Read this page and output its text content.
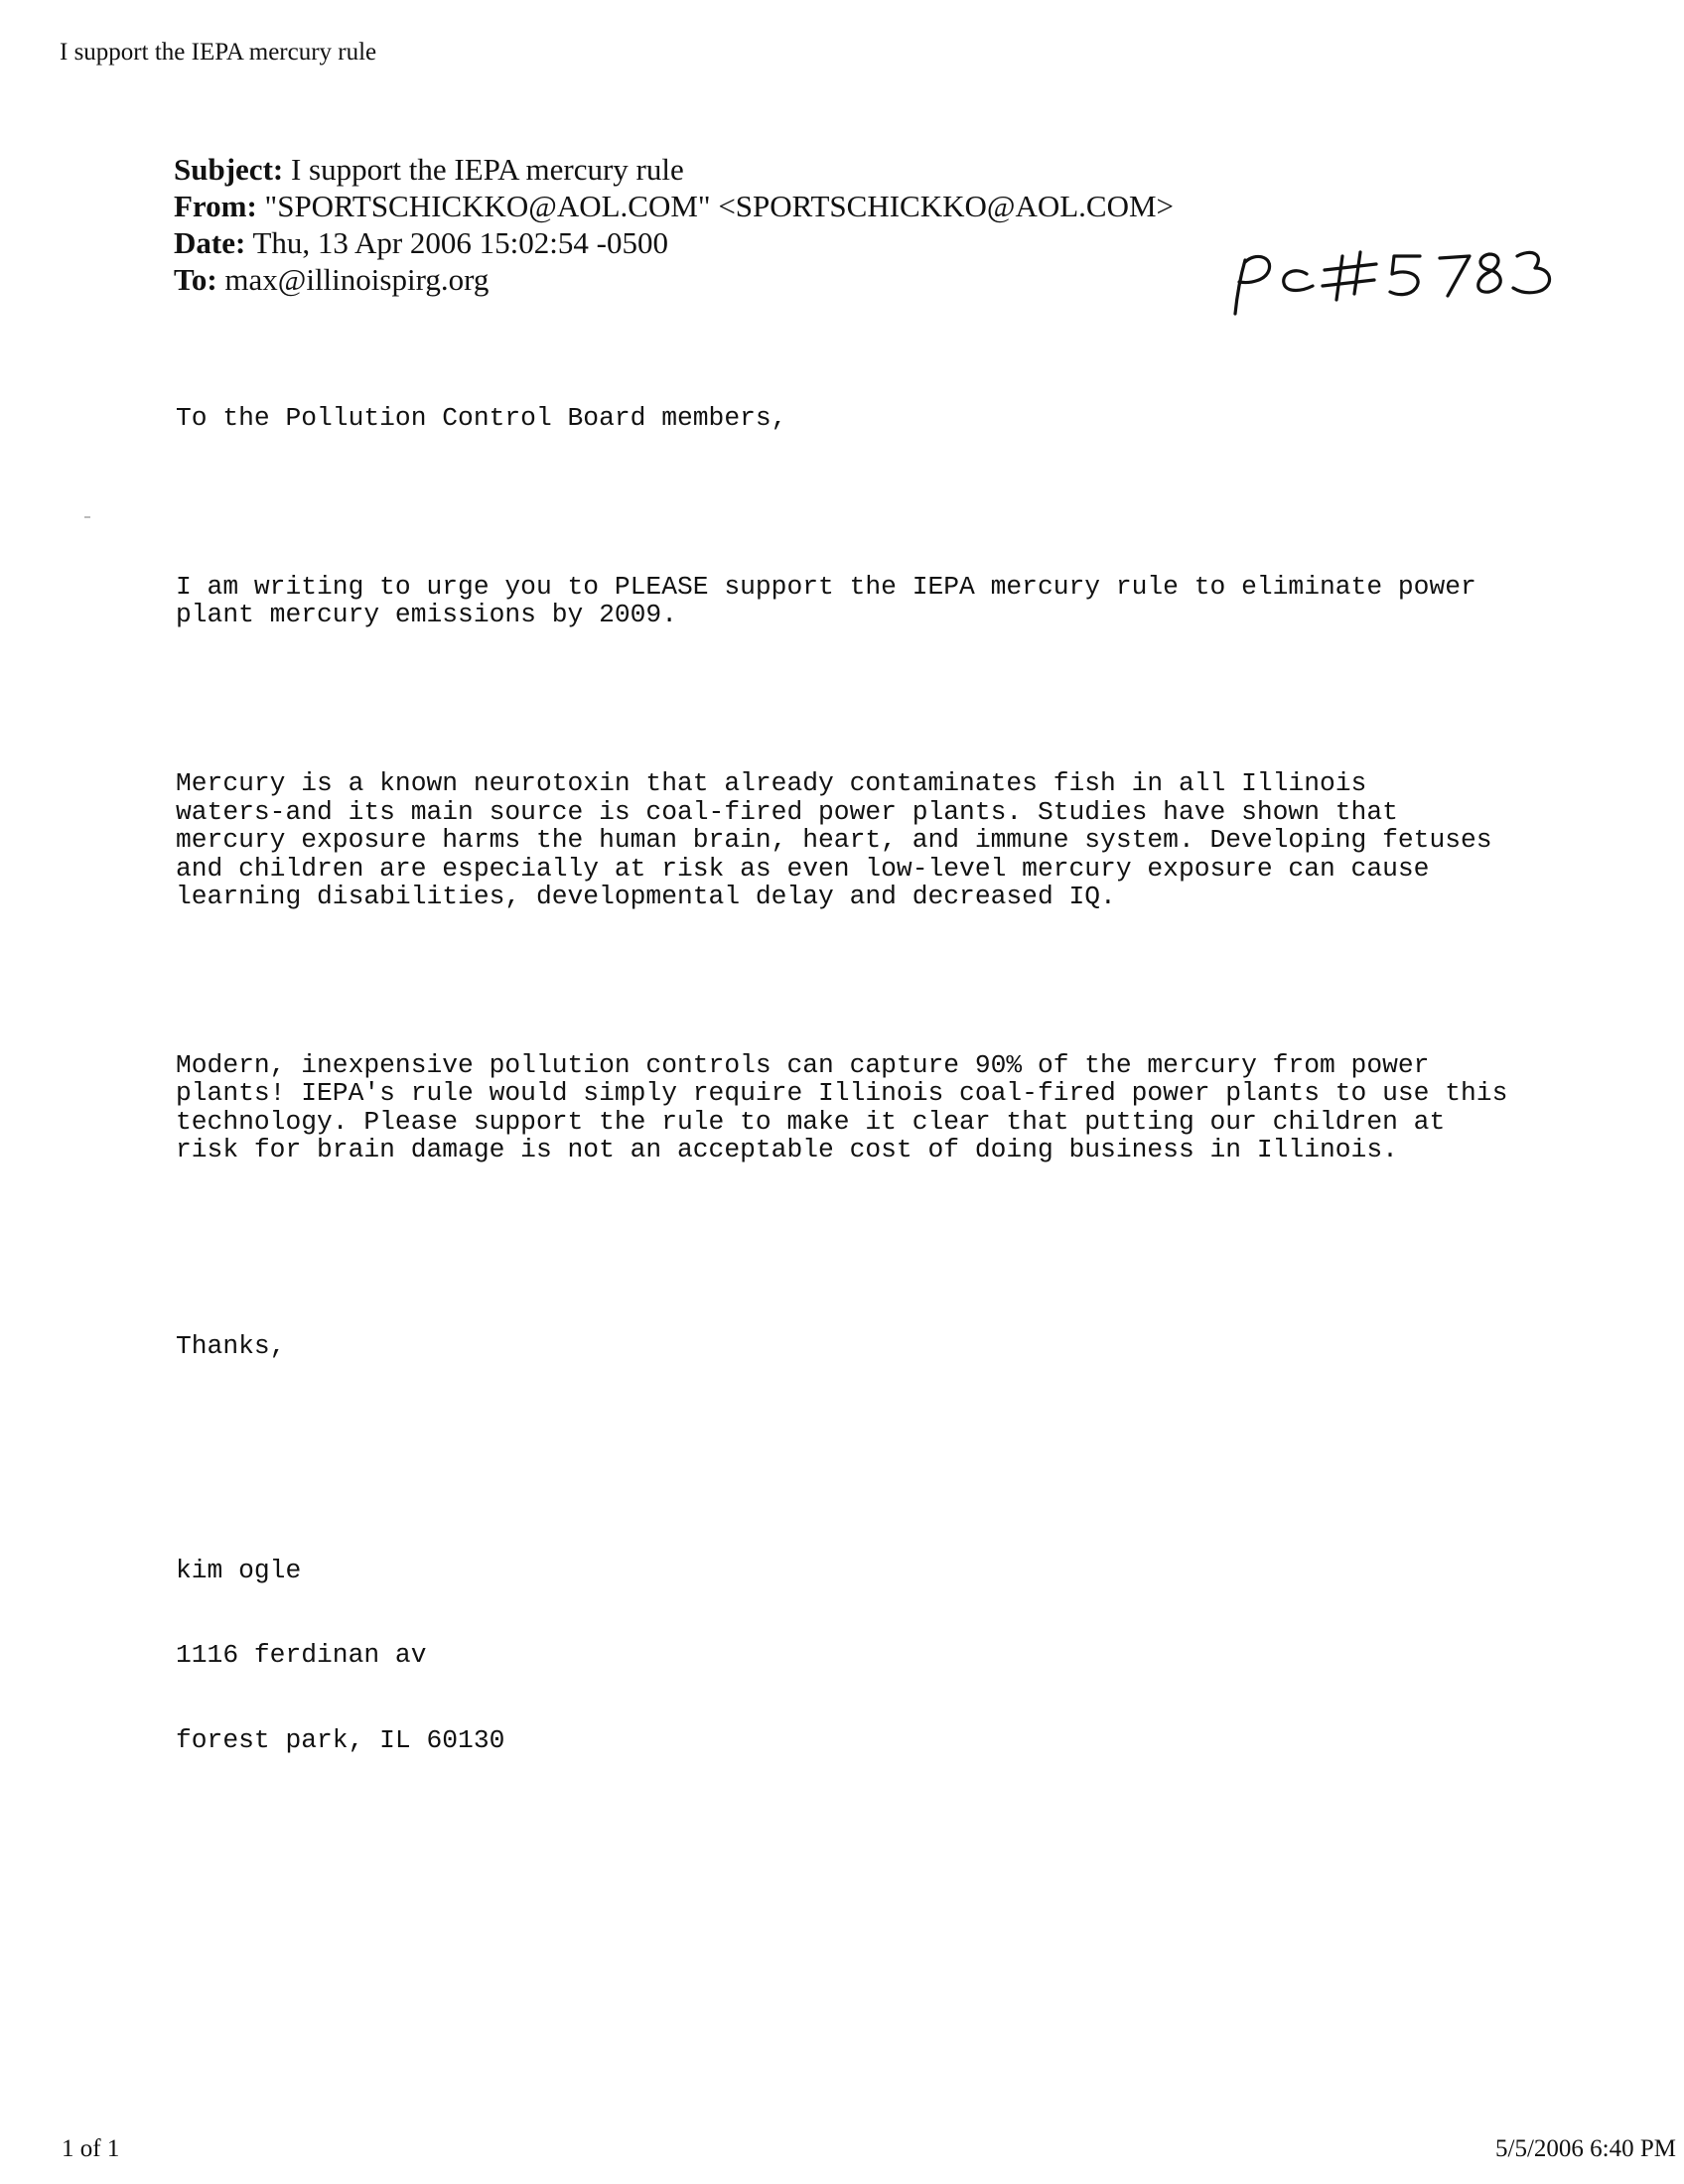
I support the IEPA mercury rule
Subject: I support the IEPA mercury rule
From: "SPORTSCHICKKO@AOL.COM" <SPORTSCHICKKO@AOL.COM>
Date: Thu, 13 Apr 2006 15:02:54 -0500
To: max@illinoispirg.org

To the Pollution Control Board members,

I am writing to urge you to PLEASE support the IEPA mercury rule to eliminate power
plant mercury emissions by 2009.

Mercury is a known neurotoxin that already contaminates fish in all Illinois
waters-and its main source is coal-fired power plants. Studies have shown that
mercury exposure harms the human brain, heart, and immune system. Developing fetuses
and children are especially at risk as even low-level mercury exposure can cause
learning disabilities, developmental delay and decreased IQ.

Modern, inexpensive pollution controls can capture 90% of the mercury from power
plants! IEPA's rule would simply require Illinois coal-fired power plants to use this
technology. Please support the rule to make it clear that putting our children at
risk for brain damage is not an acceptable cost of doing business in Illinois.

Thanks,

kim ogle

1116 ferdinan av

forest park, IL 60130

1 of 1	5/5/2006 6:40 PM
